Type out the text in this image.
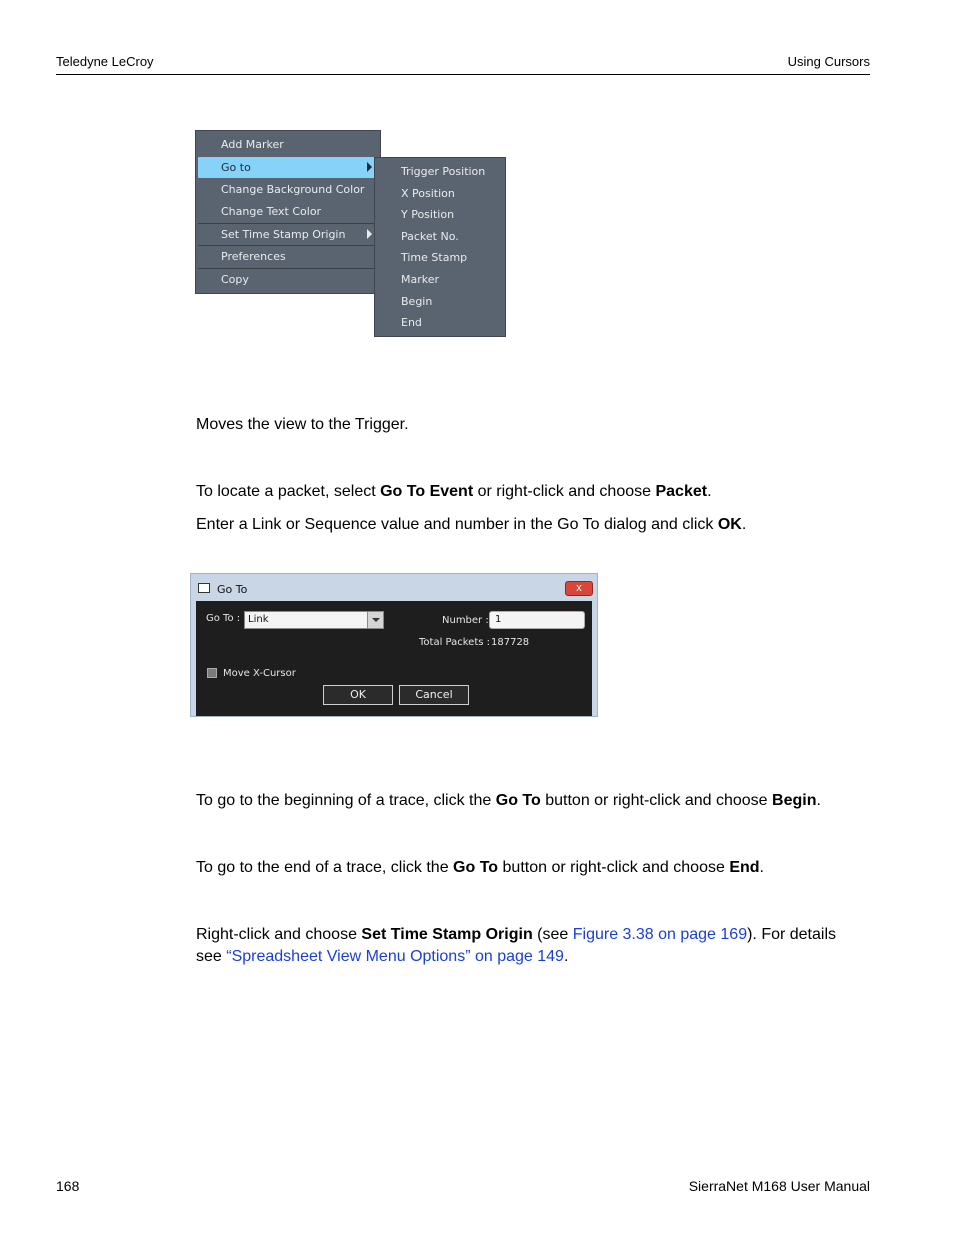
Teledyne LeCroy	Using Cursors
Add Marker
Go to
Change Background Color
Change Text Color
Set Time Stamp Origin
Preferences
Copy
Trigger Position
X Position
Y Position
Packet No.
Time Stamp
Marker
Begin
End
Moves the view to the Trigger.
To locate a packet, select Go To Event or right-click and choose Packet.
Enter a Link or Sequence value and number in the Go To dialog and click OK.
Go To	x
Go To : Link	Number : 1
Total Packets : 187728
Move X-Cursor
OK	Cancel
To go to the beginning of a trace, click the Go To button or right-click and choose Begin.
To go to the end of a trace, click the Go To button or right-click and choose End.
Right-click and choose Set Time Stamp Origin (see Figure 3.38 on page 169). For details
see “Spreadsheet View Menu Options” on page 149.
168	SierraNet M168 User Manual
